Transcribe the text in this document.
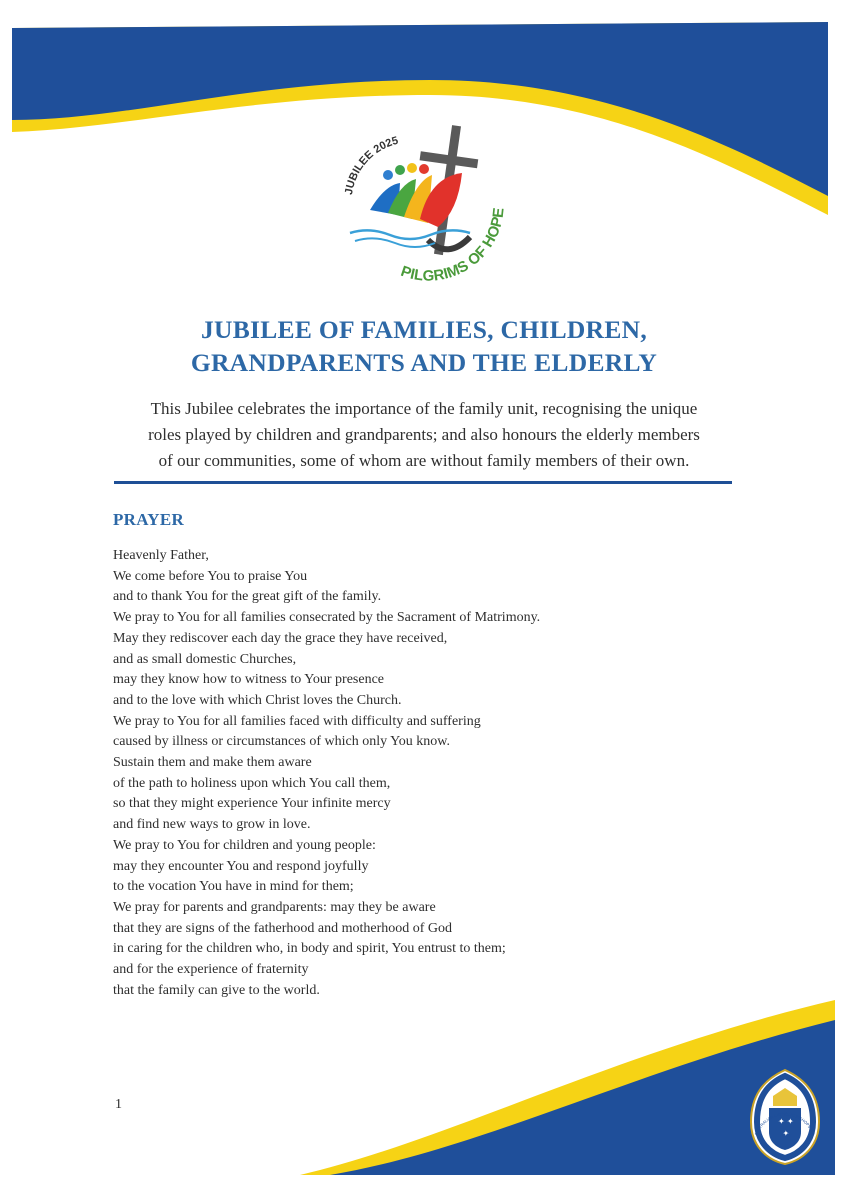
JUBILEE 2025
PILGRIMS OF HOPE
JUBILEE OF FAMILIES, CHILDREN,
GRANDPARENTS AND THE ELDERLY
This Jubilee celebrates the importance of the family unit, recognising the unique
roles played by children and grandparents; and also honours the elderly members
of our communities, some of whom are without family members of their own.
PRAYER
Heavenly Father,
We come before You to praise You
and to thank You for the great gift of the family.
We pray to You for all families consecrated by the Sacrament of Matrimony.
May they rediscover each day the grace they have received,
and as small domestic Churches,
may they know how to witness to Your presence
and to the love with which Christ loves the Church.
We pray to You for all families faced with difficulty and suffering
caused by illness or circumstances of which only You know.
Sustain them and make them aware
of the path to holiness upon which You call them,
so that they might experience Your infinite mercy
and find new ways to grow in love.
We pray to You for children and young people:
may they encounter You and respond joyfully
to the vocation You have in mind for them;
We pray for parents and grandparents: may they be aware
that they are signs of the fatherhood and motherhood of God
in caring for the children who, in body and spirit, You entrust to them;
and for the experience of fraternity
that the family can give to the world.
1
✦ ✦
✦
AUSTRALIAN CATHOLIC BISHOPS CO
